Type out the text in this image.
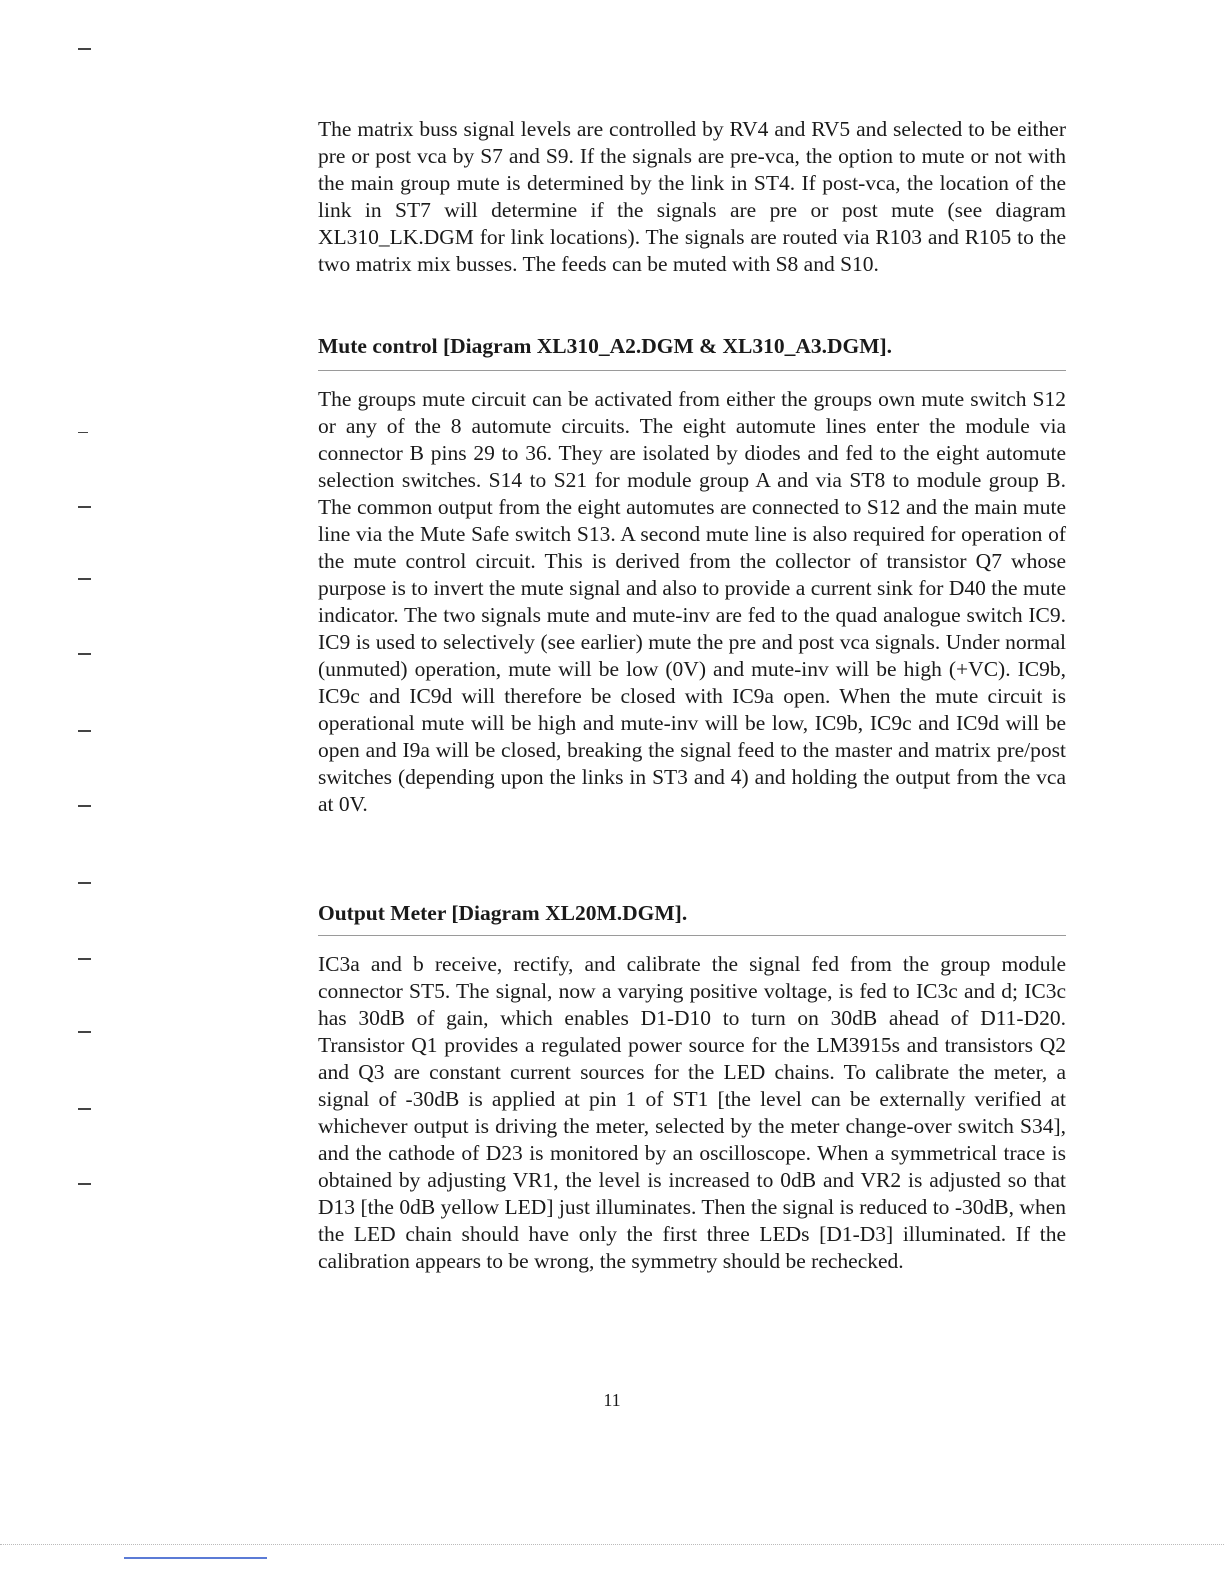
The matrix buss signal levels are controlled by RV4 and RV5 and selected to be either pre or post vca by S7 and S9. If the signals are pre-vca, the option to mute or not with the main group mute is determined by the link in ST4. If post-vca, the location of the link in ST7 will determine if the signals are pre or post mute (see diagram XL310_LK.DGM for link locations). The signals are routed via R103 and R105 to the two matrix mix busses. The feeds can be muted with S8 and S10.

Mute control [Diagram XL310_A2.DGM & XL310_A3.DGM].

The groups mute circuit can be activated from either the groups own mute switch S12 or any of the 8 automute circuits. The eight automute lines enter the module via connector B pins 29 to 36. They are isolated by diodes and fed to the eight automute selection switches. S14 to S21 for module group A and via ST8 to module group B. The common output from the eight automutes are connected to S12 and the main mute line via the Mute Safe switch S13. A second mute line is also required for operation of the mute control circuit. This is derived from the collector of transistor Q7 whose purpose is to invert the mute signal and also to provide a current sink for D40 the mute indicator. The two signals mute and mute-inv are fed to the quad analogue switch IC9. IC9 is used to selectively (see earlier) mute the pre and post vca signals. Under normal (unmuted) operation, mute will be low (0V) and mute-inv will be high (+VC). IC9b, IC9c and IC9d will therefore be closed with IC9a open. When the mute circuit is operational mute will be high and mute-inv will be low, IC9b, IC9c and IC9d will be open and I9a will be closed, breaking the signal feed to the master and matrix pre/post switches (depending upon the links in ST3 and 4) and holding the output from the vca at 0V.

Output Meter [Diagram XL20M.DGM].

IC3a and b receive, rectify, and calibrate the signal fed from the group module connector ST5. The signal, now a varying positive voltage, is fed to IC3c and d; IC3c has 30dB of gain, which enables D1-D10 to turn on 30dB ahead of D11-D20. Transistor Q1 provides a regulated power source for the LM3915s and transistors Q2 and Q3 are constant current sources for the LED chains. To calibrate the meter, a signal of -30dB is applied at pin 1 of ST1 [the level can be externally verified at whichever output is driving the meter, selected by the meter change-over switch S34], and the cathode of D23 is monitored by an oscilloscope. When a symmetrical trace is obtained by adjusting VR1, the level is increased to 0dB and VR2 is adjusted so that D13 [the 0dB yellow LED] just illuminates. Then the signal is reduced to -30dB, when the LED chain should have only the first three LEDs [D1-D3] illuminated. If the calibration appears to be wrong, the symmetry should be rechecked.

11
